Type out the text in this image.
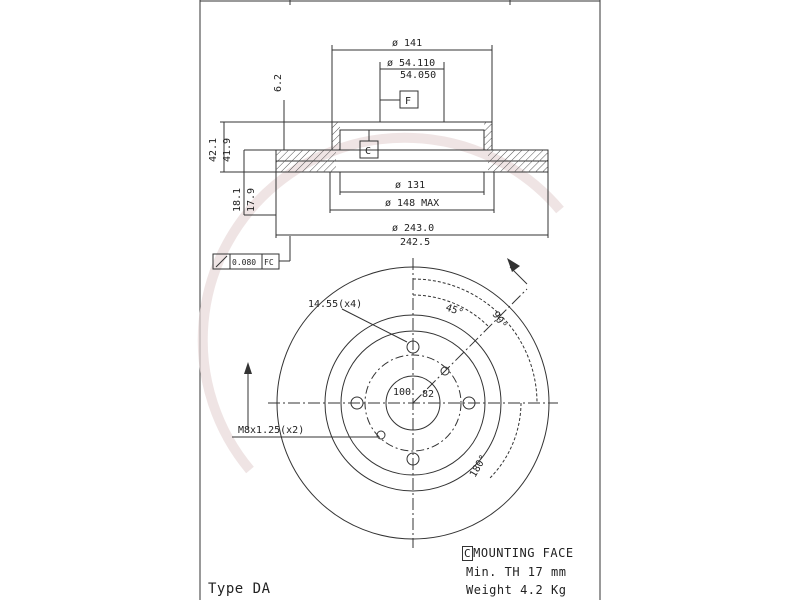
ø 141
ø 54.110
54.050
F
C
6.2
42.1 41.9
18.1 17.9
ø 131
ø 148 MAX
ø 243.0
242.5
0.080 FC
14.55(x4)	45° 90°
180°
100 82
M8x1.25(x2)
C MOUNTING FACE
Min. TH 17 mm
Weight 4.2 Kg
Type DA
